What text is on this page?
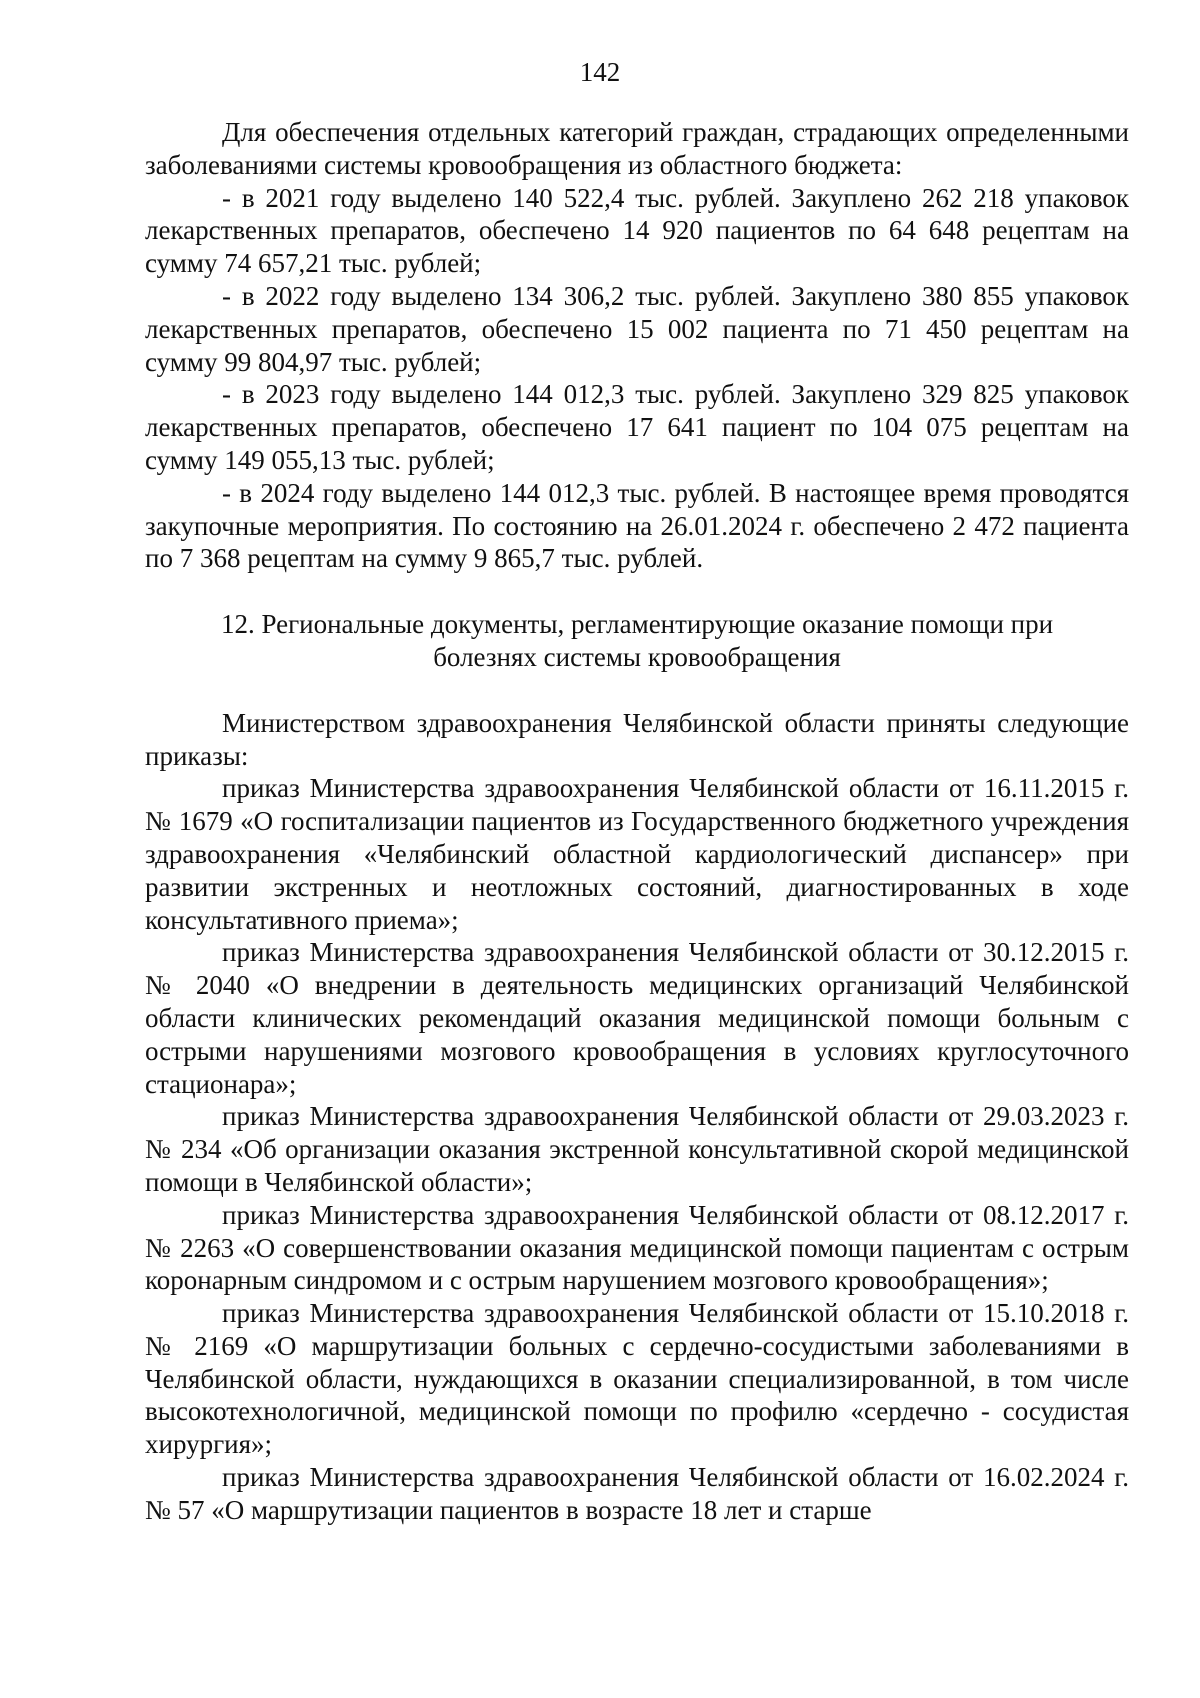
142

Для обеспечения отдельных категорий граждан, страдающих определенными заболеваниями системы кровообращения из областного бюджета:

- в 2021 году выделено 140 522,4 тыс. рублей. Закуплено 262 218 упаковок лекарственных препаратов, обеспечено 14 920 пациентов по 64 648 рецептам на сумму 74 657,21 тыс. рублей;

- в 2022 году выделено 134 306,2 тыс. рублей. Закуплено 380 855 упаковок лекарственных препаратов, обеспечено 15 002 пациента по 71 450 рецептам на сумму 99 804,97 тыс. рублей;

- в 2023 году выделено 144 012,3 тыс. рублей. Закуплено 329 825 упаковок лекарственных препаратов, обеспечено 17 641 пациент по 104 075 рецептам на сумму 149 055,13 тыс. рублей;

- в 2024 году выделено 144 012,3 тыс. рублей. В настоящее время проводятся закупочные мероприятия. По состоянию на 26.01.2024 г. обеспечено 2 472 пациента по 7 368 рецептам на сумму 9 865,7 тыс. рублей.

12. Региональные документы, регламентирующие оказание помощи при
болезнях системы кровообращения

Министерством здравоохранения Челябинской области приняты следующие приказы:

приказ Министерства здравоохранения Челябинской области от 16.11.2015 г. № 1679 «О госпитализации пациентов из Государственного бюджетного учреждения здравоохранения «Челябинский областной кардиологический диспансер» при развитии экстренных и неотложных состояний, диагностированных в ходе консультативного приема»;

приказ Министерства здравоохранения Челябинской области от 30.12.2015 г. № 2040 «О внедрении в деятельность медицинских организаций Челябинской области клинических рекомендаций оказания медицинской помощи больным с острыми нарушениями мозгового кровообращения в условиях круглосуточного стационара»;

приказ Министерства здравоохранения Челябинской области от 29.03.2023 г. № 234 «Об организации оказания экстренной консультативной скорой медицинской помощи в Челябинской области»;

приказ Министерства здравоохранения Челябинской области от 08.12.2017 г. № 2263 «О совершенствовании оказания медицинской помощи пациентам с острым коронарным синдромом и с острым нарушением мозгового кровообращения»;

приказ Министерства здравоохранения Челябинской области от 15.10.2018 г. № 2169 «О маршрутизации больных с сердечно-сосудистыми заболеваниями в Челябинской области, нуждающихся в оказании специализированной, в том числе высокотехнологичной, медицинской помощи по профилю «сердечно - сосудистая хирургия»;

приказ Министерства здравоохранения Челябинской области от 16.02.2024 г. № 57 «О маршрутизации пациентов в возрасте 18 лет и старше
